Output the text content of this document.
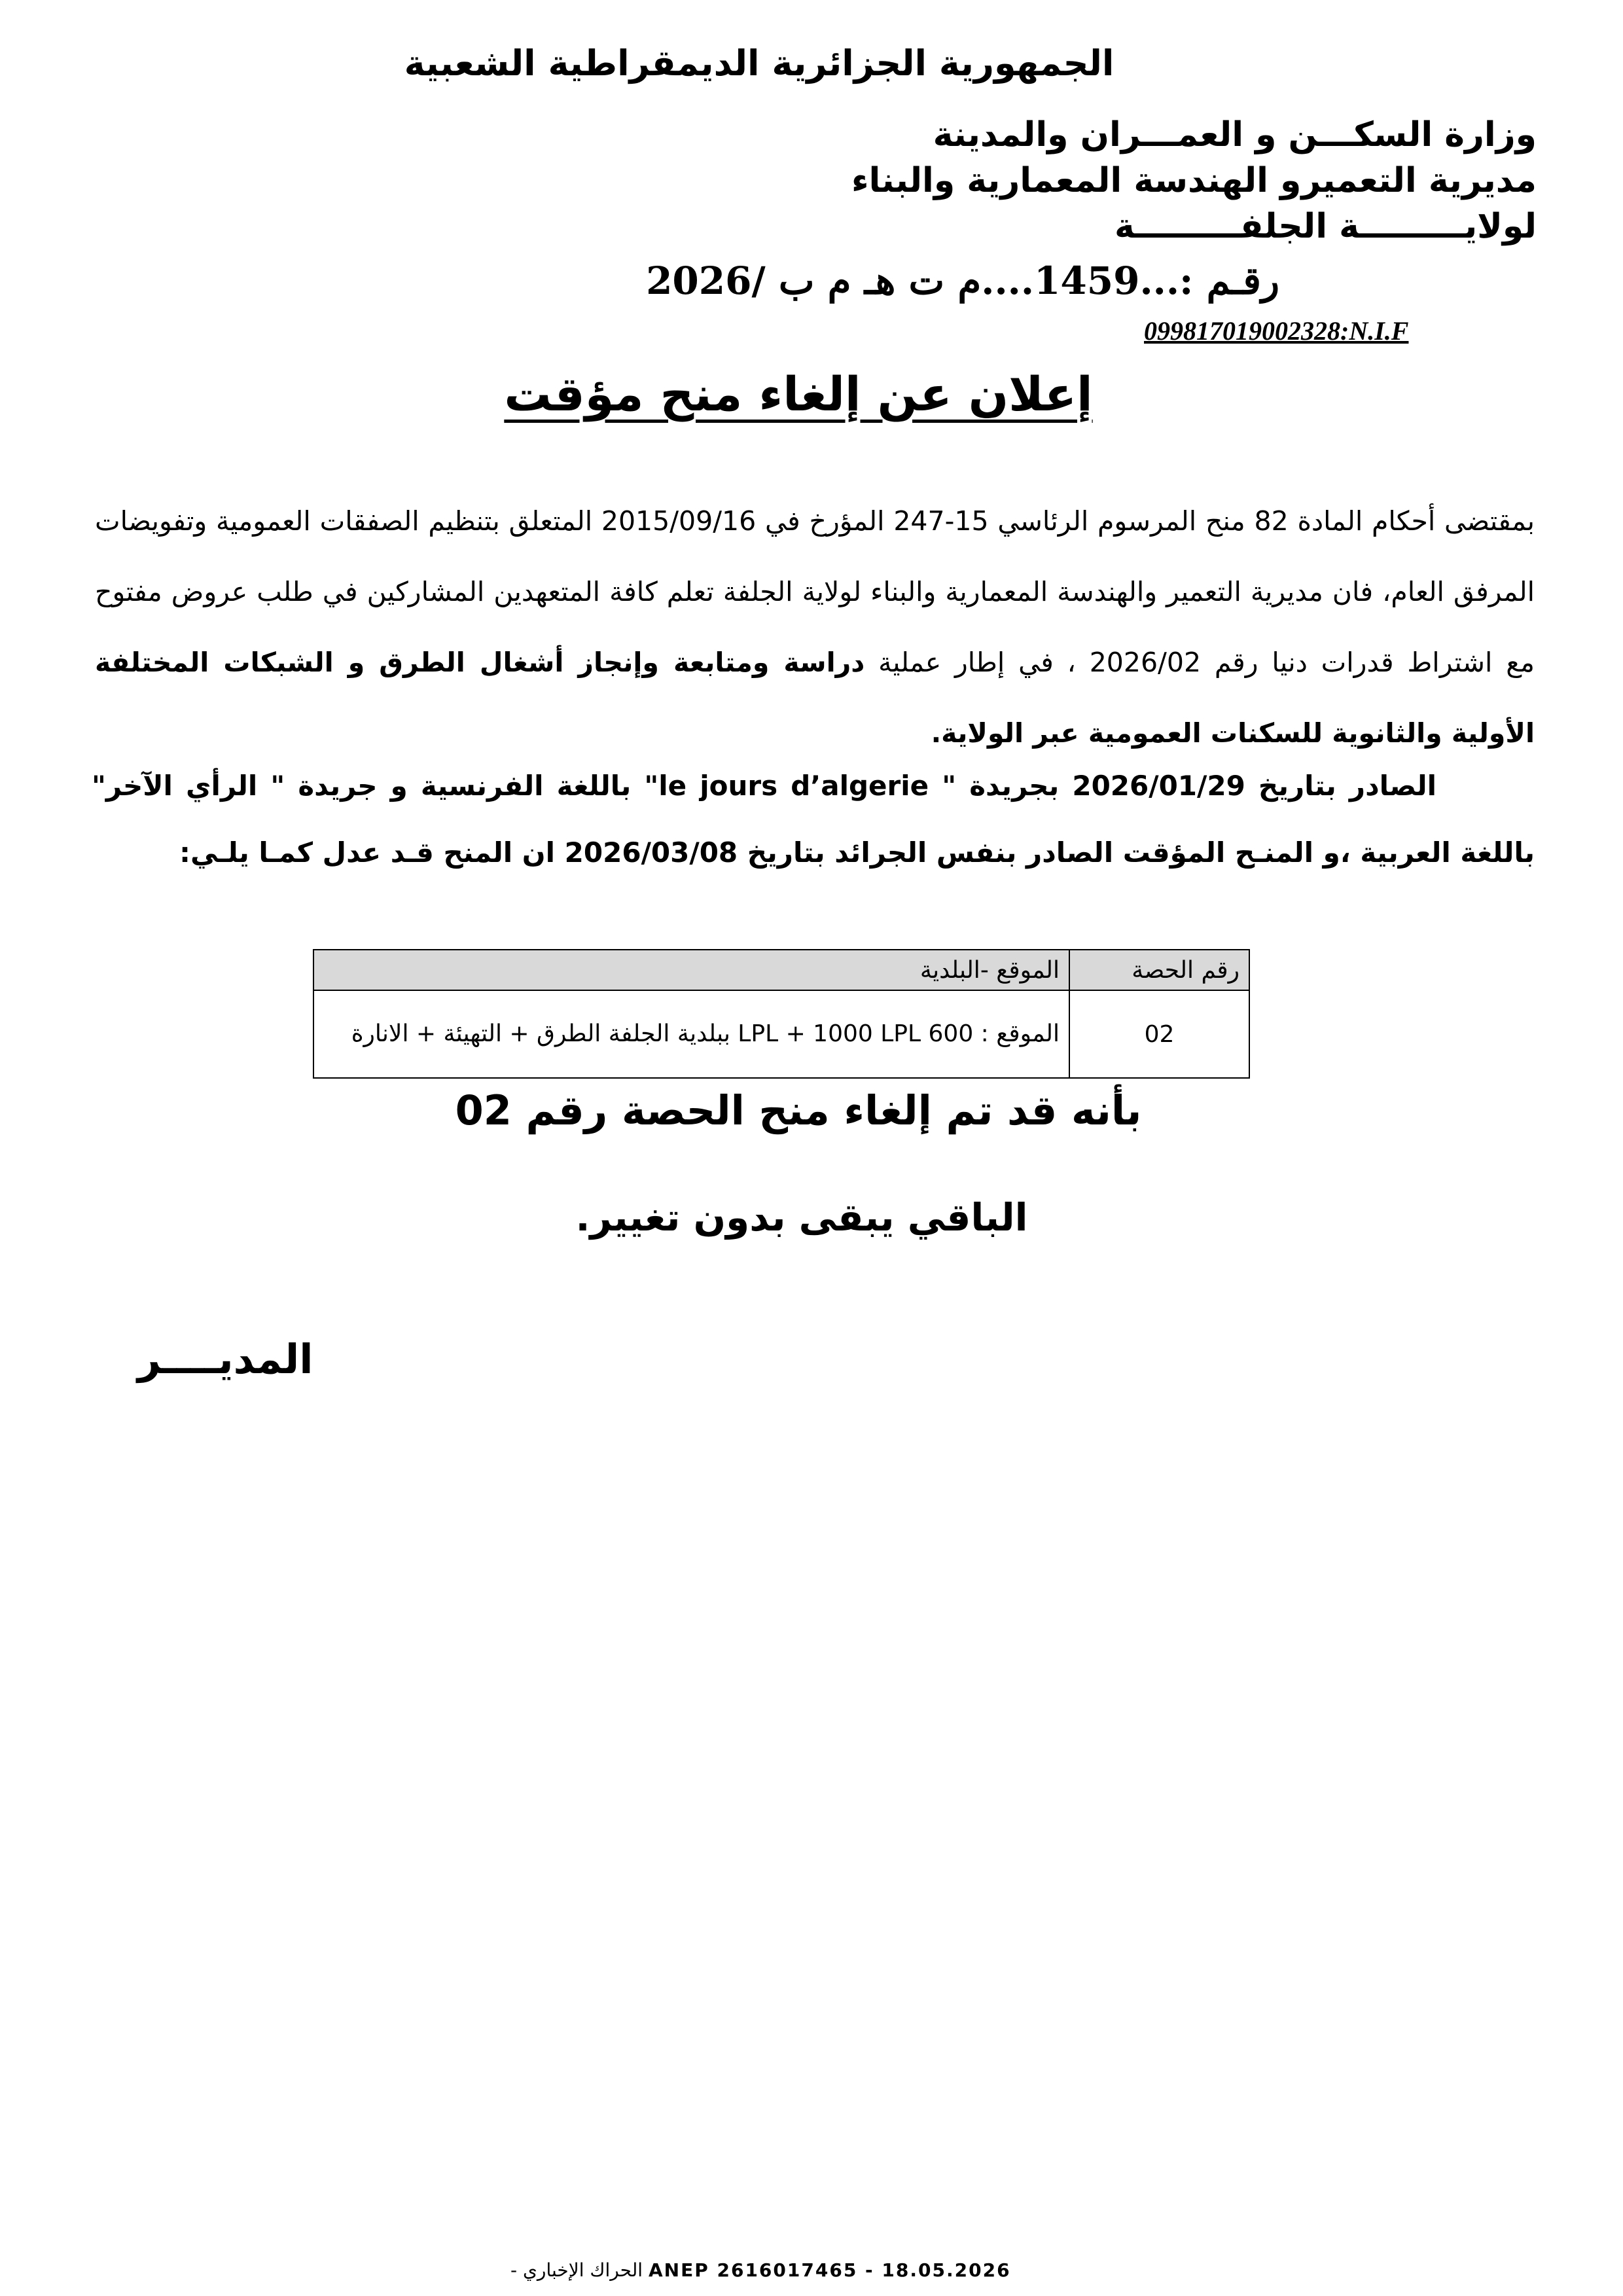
الجمهورية الجزائرية الديمقراطية الشعبية
وزارة السكـــن و العمـــران والمدينة
مديرية التعميرو الهندسة المعمارية والبناء
لولايـــــــــة الجلفـــــــــة
رقـم :...1459....م ت هـ م ب /2026
099817019002328:N.I.F
إعلان عن إلغاء منح مؤقت
بمقتضى أحكام المادة 82 منح المرسوم الرئاسي 15-247 المؤرخ في 2015/09/16 المتعلق بتنظيم الصفقات العمومية وتفويضات المرفق العام، فان مديرية التعمير والهندسة المعمارية والبناء لولاية الجلفة تعلم كافة المتعهدين المشاركين في طلب عروض مفتوح مع اشتراط قدرات دنيا رقم 2026/02 ، في إطار عملية دراسة ومتابعة وإنجاز أشغال الطرق و الشبكات المختلفة الأولية والثانوية للسكنات العمومية عبر الولاية.
الصادر بتاريخ 2026/01/29 بجريدة " le jours d’algerie" باللغة الفرنسية و جريدة " الرأي الآخر" باللغة العربية ،و المنـح المؤقت الصادر بنفس الجرائد بتاريخ 2026/03/08 ان المنح قـد عدل كمـا يلـي:
رقم الحصة	الموقع -البلدية
02	الموقع : 600 LPL + 1000 LPL ببلدية الجلفة الطرق + التهيئة + الانارة
بأنه قد تم إلغاء منح الحصة رقم 02
الباقي يبقى بدون تغيير.
المديــــر
الحراك الإخباري - ANEP 2616017465 - 18.05.2026
